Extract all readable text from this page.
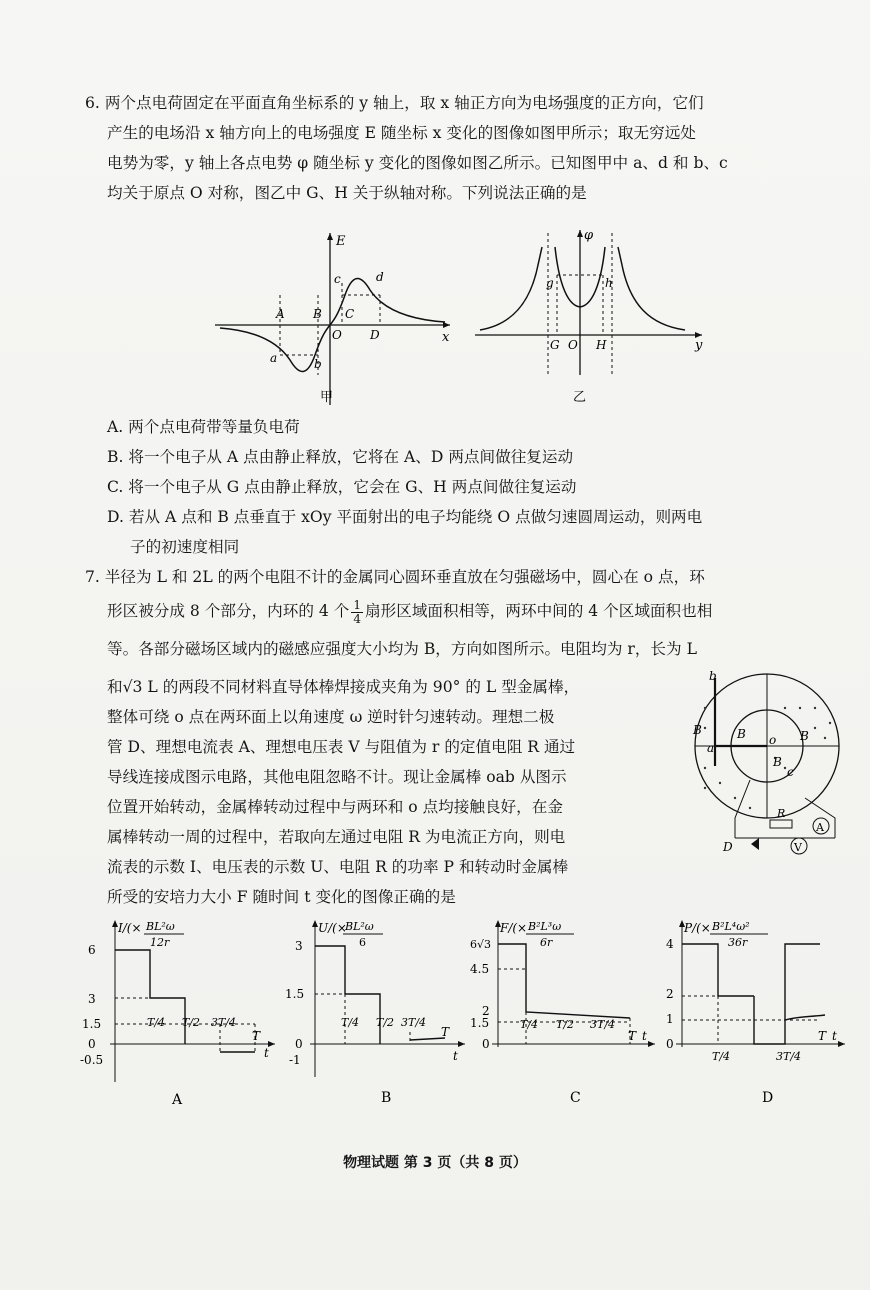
6. 两个点电荷固定在平面直角坐标系的 y 轴上，取 x 轴正方向为电场强度的正方向，它们
产生的电场沿 x 轴方向上的电场强度 E 随坐标 x 变化的图像如图甲所示；取无穷远处
电势为零，y 轴上各点电势 φ 随坐标 y 变化的图像如图乙所示。已知图甲中 a、d 和 b、c
均关于原点 O 对称，图乙中 G、H 关于纵轴对称。下列说法正确的是
E
x
A B
O
C
D
a	b
c	d
甲
φ
y
G O H
g	h
乙
A. 两个点电荷带等量负电荷
B. 将一个电子从 A 点由静止释放，它将在 A、D 两点间做往复运动
C. 将一个电子从 G 点由静止释放，它会在 G、H 两点间做往复运动
D. 若从 A 点和 B 点垂直于 xOy 平面射出的电子均能绕 O 点做匀速圆周运动，则两电
子的初速度相同
7. 半径为 L 和 2L 的两个电阻不计的金属同心圆环垂直放在匀强磁场中，圆心在 o 点，环
形区被分成 8 个部分，内环的 4 个 $\frac{1}{4}$ 扇形区域面积相等，两环中间的 4 个区域面积也相
等。各部分磁场区域内的磁感应强度大小均为 B，方向如图所示。电阻均为 r，长为 L
和√3 L 的两段不同材料直导体棒焊接成夹角为 90° 的 L 型金属棒，
整体可绕 o 点在两环面上以角速度 ω 逆时针匀速转动。理想二极
管 D、理想电流表 A、理想电压表 V 与阻值为 r 的定值电阻 R 通过
导线连接成图示电路，其他电阻忽略不计。现让金属棒 oab 从图示
位置开始转动，金属棒转动过程中与两环和 o 点均接触良好，在金
属棒转动一周的过程中，若取向左通过电阻 R 为电流正方向，则电
流表的示数 I、电压表的示数 U、电阻 R 的功率 P 和转动时金属棒
所受的安培力大小 F 随时间 t 变化的图像正确的是
b
a
o
c
B	B	B
B
R
A
V
D
I/(× BL²ω
12r
6
3
1.5
0
-0.5
T/4 T/2 3T/4
T
t
A
U/(×
BL²ω
6
3
1.5
0
-1
T/4 T/2 3T/4
T
t
B
F/(× B²L³ω
6r
6√3
4.5
2
1.5
0
T/4 T/2 3T/4
T t
C
P/(× B²L⁴ω²
36r
4
2
1
0
T/4	3T/4
T t
D
物理试题 第 3 页（共 8 页）
